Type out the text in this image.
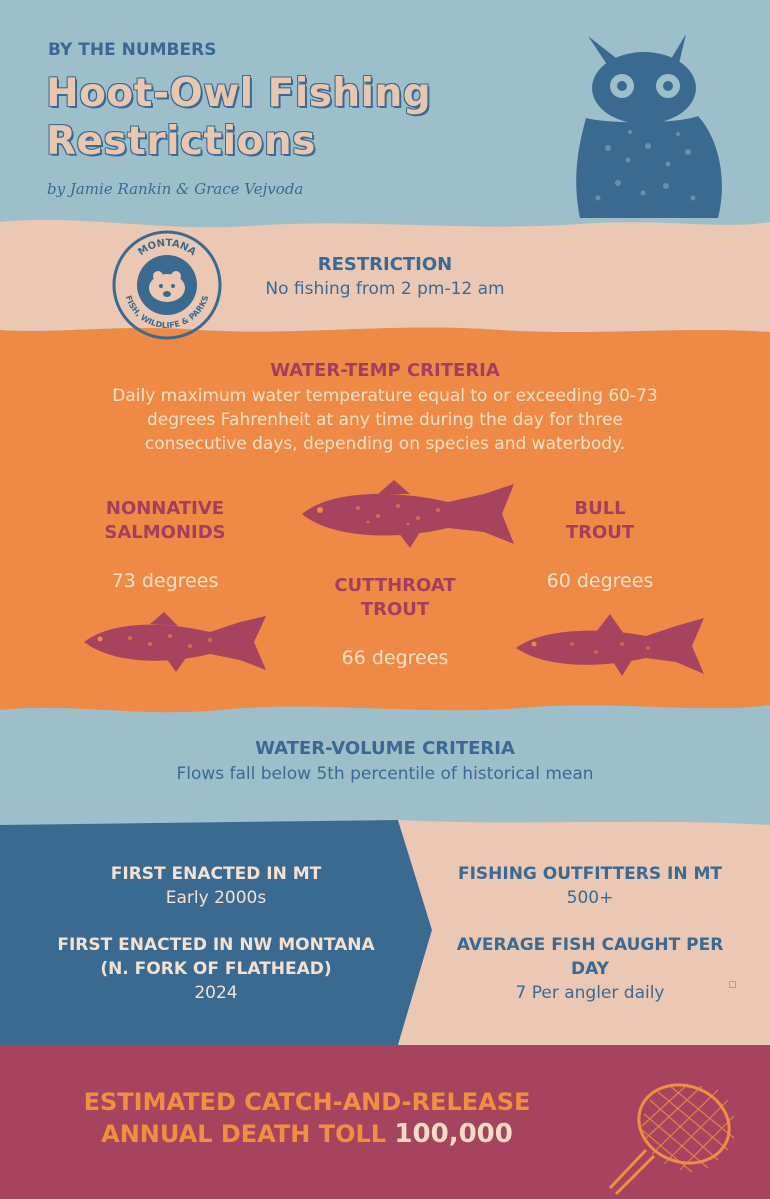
BY THE NUMBERS
Hoot-Owl Fishing
Restrictions
by Jamie Rankin & Grace Vejvoda
MONTANA
FISH, WILDLIFE & PARKS
RESTRICTION
No fishing from 2 pm-12 am
WATER-TEMP CRITERIA
Daily maximum water temperature equal to or exceeding 60-73
degrees Fahrenheit at any time during the day for three
consecutive days, depending on species and waterbody.
NONNATIVE
SALMONIDS
73 degrees	CUTTHROAT
TROUT
66 degrees
BULL
TROUT
60 degrees
WATER-VOLUME CRITERIA
Flows fall below 5th percentile of historical mean
FIRST ENACTED IN MT
Early 2000s
FIRST ENACTED IN NW MONTANA
(N. FORK OF FLATHEAD)
2024
FISHING OUTFITTERS IN MT
500+
AVERAGE FISH CAUGHT PER
DAY
7 Per angler daily
ESTIMATED CATCH-AND-RELEASE
ANNUAL DEATH TOLL 100,000
